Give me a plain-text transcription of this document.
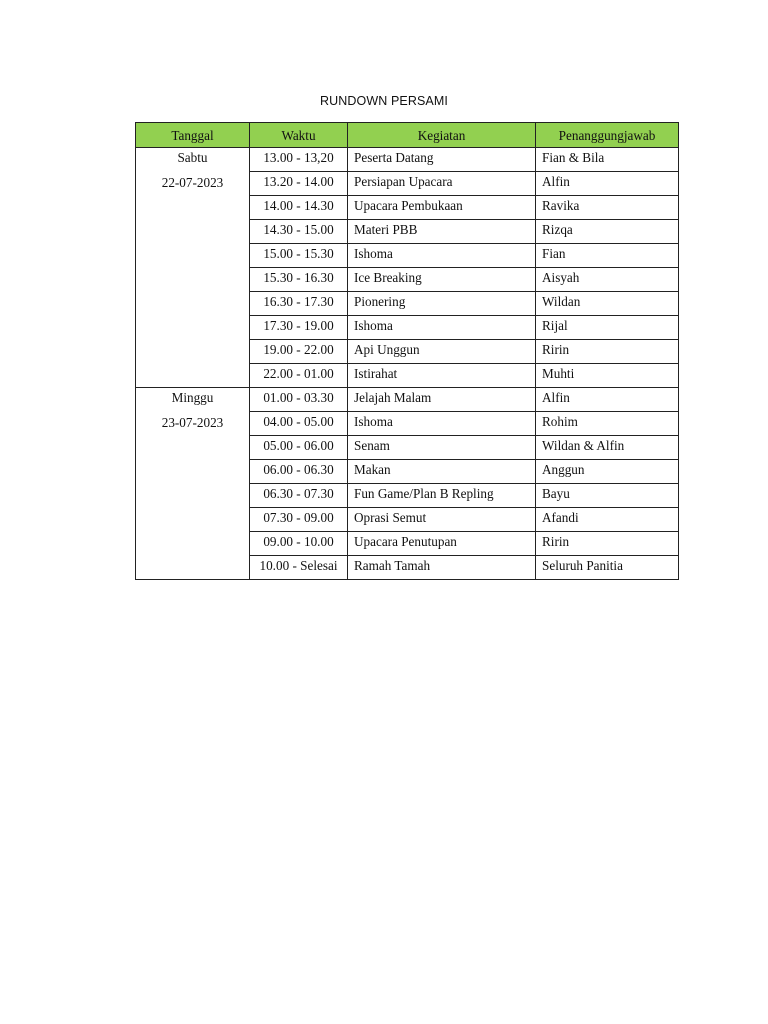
RUNDOWN PERSAMI
Tanggal	Waktu	Kegiatan	Penanggungjawab

Sabtu
22-07-2023	13.00 - 13,20	Peserta Datang	Fian & Bila
	13.20 - 14.00	Persiapan Upacara	Alfin
	14.00 - 14.30	Upacara Pembukaan	Ravika
	14.30 - 15.00	Materi PBB	Rizqa
	15.00 - 15.30	Ishoma	Fian
	15.30 - 16.30	Ice Breaking	Aisyah
	16.30 - 17.30	Pionering	Wildan
	17.30 - 19.00	Ishoma	Rijal
	19.00 - 22.00	Api Unggun	Ririn
	22.00 - 01.00	Istirahat	Muhti

Minggu
23-07-2023	01.00 - 03.30	Jelajah Malam	Alfin
	04.00 - 05.00	Ishoma	Rohim
	05.00 - 06.00	Senam	Wildan & Alfin
	06.00 - 06.30	Makan	Anggun
	06.30 - 07.30	Fun Game/Plan B Repling	Bayu
	07.30 - 09.00	Oprasi Semut	Afandi
	09.00 - 10.00	Upacara Penutupan	Ririn
	10.00 - Selesai	Ramah Tamah	Seluruh Panitia
